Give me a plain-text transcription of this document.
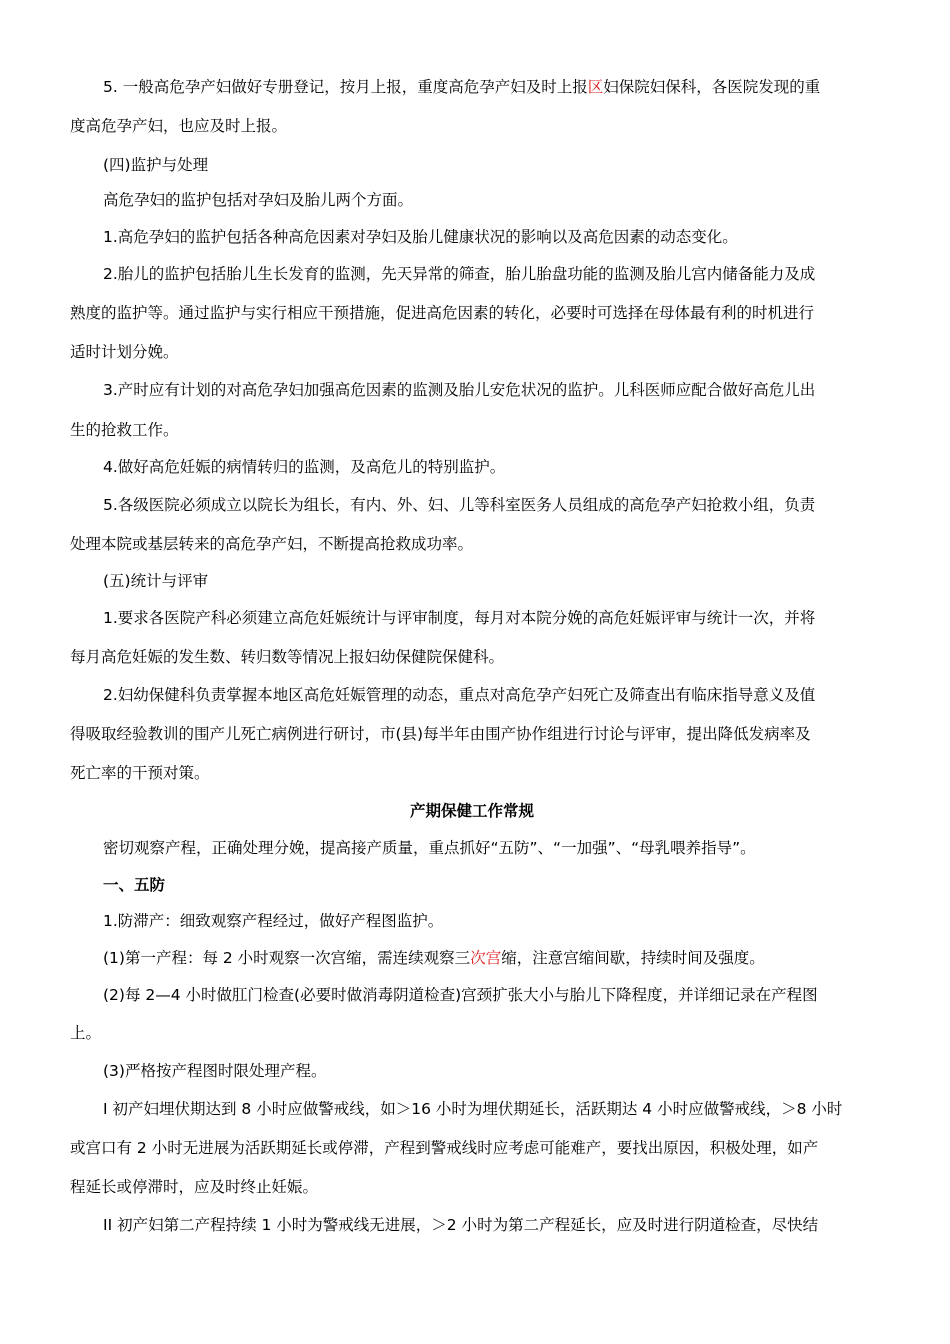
5. 一般高危孕产妇做好专册登记，按月上报，重度高危孕产妇及时上报区妇保院妇保科，各医院发现的重
度高危孕产妇，也应及时上报。
(四)监护与处理
高危孕妇的监护包括对孕妇及胎儿两个方面。
1.高危孕妇的监护包括各种高危因素对孕妇及胎儿健康状况的影响以及高危因素的动态变化。
2.胎儿的监护包括胎儿生长发育的监测，先天异常的筛查，胎儿胎盘功能的监测及胎儿宫内储备能力及成
熟度的监护等。通过监护与实行相应干预措施，促进高危因素的转化，必要时可选择在母体最有利的时机进行
适时计划分娩。
3.产时应有计划的对高危孕妇加强高危因素的监测及胎儿安危状况的监护。儿科医师应配合做好高危儿出
生的抢救工作。
4.做好高危妊娠的病情转归的监测，及高危儿的特别监护。
5.各级医院必须成立以院长为组长，有内、外、妇、儿等科室医务人员组成的高危孕产妇抢救小组，负责
处理本院或基层转来的高危孕产妇，不断提高抢救成功率。
(五)统计与评审
1.要求各医院产科必须建立高危妊娠统计与评审制度，每月对本院分娩的高危妊娠评审与统计一次，并将
每月高危妊娠的发生数、转归数等情况上报妇幼保健院保健科。
2.妇幼保健科负责掌握本地区高危妊娠管理的动态，重点对高危孕产妇死亡及筛查出有临床指导意义及值
得吸取经验教训的围产儿死亡病例进行研讨，市(县)每半年由围产协作组进行讨论与评审，提出降低发病率及
死亡率的干预对策。
产期保健工作常规
密切观察产程，正确处理分娩，提高接产质量，重点抓好“五防”、“一加强”、“母乳喂养指导”。
一、五防
1.防滞产：细致观察产程经过，做好产程图监护。
(1)第一产程：每 2 小时观察一次宫缩，需连续观察三次宫缩，注意宫缩间歇，持续时间及强度。
(2)每 2—4 小时做肛门检查(必要时做消毒阴道检查)宫颈扩张大小与胎儿下降程度，并详细记录在产程图
上。
(3)严格按产程图时限处理产程。
I 初产妇埋伏期达到 8 小时应做警戒线，如＞16 小时为埋伏期延长，活跃期达 4 小时应做警戒线，＞8 小时
或宫口有 2 小时无进展为活跃期延长或停滞，产程到警戒线时应考虑可能难产，要找出原因，积极处理，如产
程延长或停滞时，应及时终止妊娠。
II 初产妇第二产程持续 1 小时为警戒线无进展，＞2 小时为第二产程延长，应及时进行阴道检查，尽快结
